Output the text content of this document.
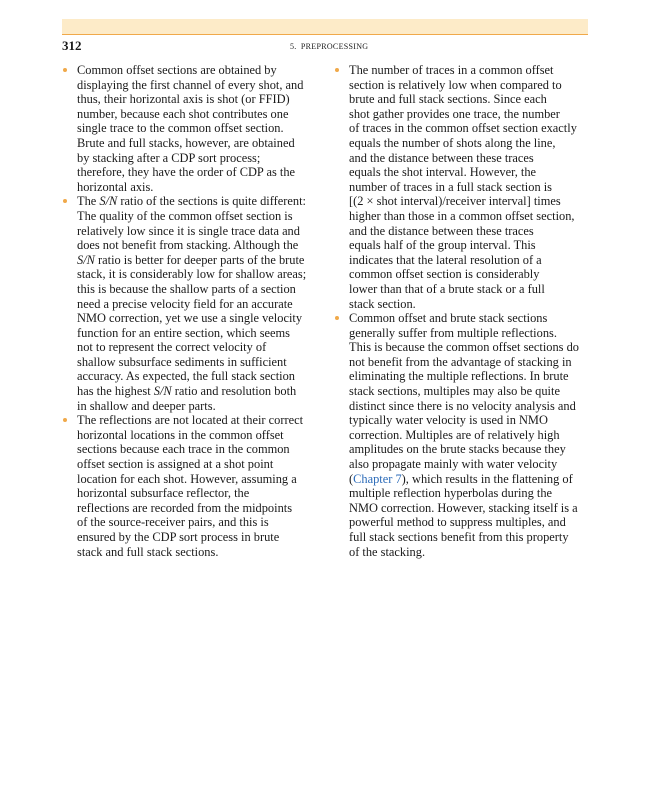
312	5. PREPROCESSING
Common offset sections are obtained by
displaying the first channel of every shot, and
thus, their horizontal axis is shot (or FFID)
number, because each shot contributes one
single trace to the common offset section.
Brute and full stacks, however, are obtained
by stacking after a CDP sort process;
therefore, they have the order of CDP as the
horizontal axis.
The S/N ratio of the sections is quite different:
The quality of the common offset section is
relatively low since it is single trace data and
does not benefit from stacking. Although the
S/N ratio is better for deeper parts of the brute
stack, it is considerably low for shallow areas;
this is because the shallow parts of a section
need a precise velocity field for an accurate
NMO correction, yet we use a single velocity
function for an entire section, which seems
not to represent the correct velocity of
shallow subsurface sediments in sufficient
accuracy. As expected, the full stack section
has the highest S/N ratio and resolution both
in shallow and deeper parts.
The reflections are not located at their correct
horizontal locations in the common offset
sections because each trace in the common
offset section is assigned at a shot point
location for each shot. However, assuming a
horizontal subsurface reflector, the
reflections are recorded from the midpoints
of the source-receiver pairs, and this is
ensured by the CDP sort process in brute
stack and full stack sections.
The number of traces in a common offset
section is relatively low when compared to
brute and full stack sections. Since each
shot gather provides one trace, the number
of traces in the common offset section exactly
equals the number of shots along the line,
and the distance between these traces
equals the shot interval. However, the
number of traces in a full stack section is
[(2 × shot interval)/receiver interval] times
higher than those in a common offset section,
and the distance between these traces
equals half of the group interval. This
indicates that the lateral resolution of a
common offset section is considerably
lower than that of a brute stack or a full
stack section.
Common offset and brute stack sections
generally suffer from multiple reflections.
This is because the common offset sections do
not benefit from the advantage of stacking in
eliminating the multiple reflections. In brute
stack sections, multiples may also be quite
distinct since there is no velocity analysis and
typically water velocity is used in NMO
correction. Multiples are of relatively high
amplitudes on the brute stacks because they
also propagate mainly with water velocity
(Chapter 7), which results in the flattening of
multiple reflection hyperbolas during the
NMO correction. However, stacking itself is a
powerful method to suppress multiples, and
full stack sections benefit from this property
of the stacking.
